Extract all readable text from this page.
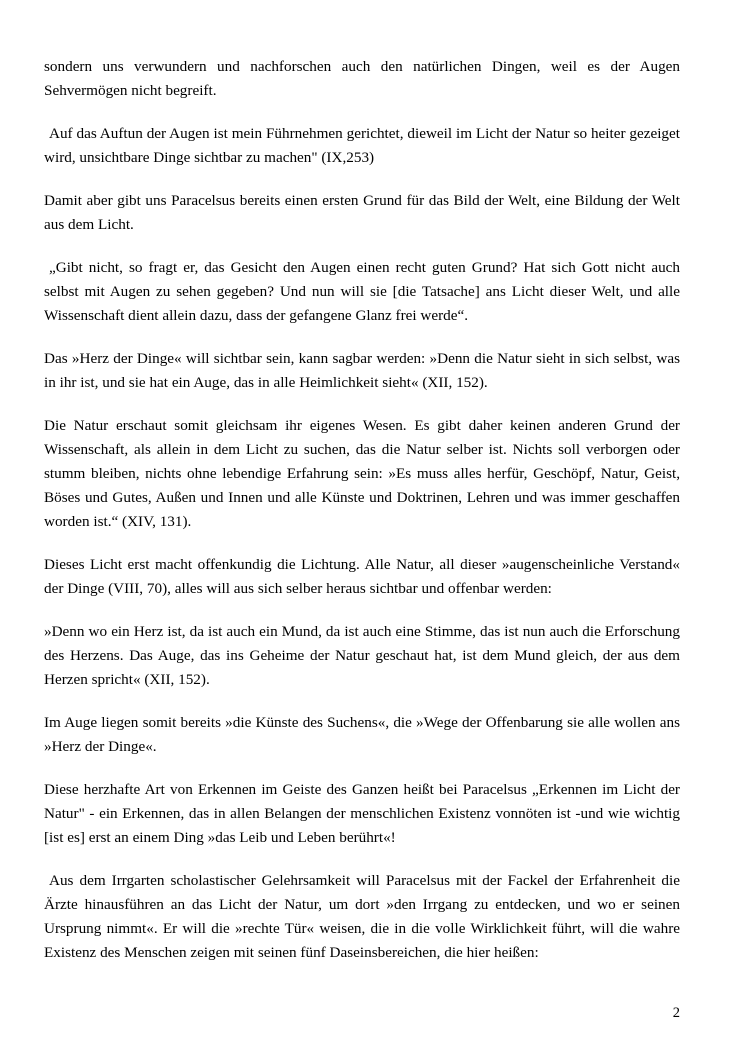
sondern uns verwundern und nachforschen auch den natürlichen Dingen, weil es der Augen Sehvermögen nicht begreift.

Auf das Auftun der Augen ist mein Führnehmen gerichtet, dieweil im Licht der Natur so heiter gezeiget wird, unsichtbare Dinge sichtbar zu machen" (IX,253)

Damit aber gibt uns Paracelsus bereits einen ersten Grund für das Bild der Welt, eine Bildung der Welt aus dem Licht.

„Gibt nicht, so fragt er, das Gesicht den Augen einen recht guten Grund? Hat sich Gott nicht auch selbst mit Augen zu sehen gegeben? Und nun will sie [die Tatsache] ans Licht dieser Welt, und alle Wissenschaft dient allein dazu, dass der gefangene Glanz frei werde“.

Das »Herz der Dinge« will sichtbar sein, kann sagbar werden: »Denn die Natur sieht in sich selbst, was in ihr ist, und sie hat ein Auge, das in alle Heimlichkeit sieht« (XII, 152).

Die Natur erschaut somit gleichsam ihr eigenes Wesen. Es gibt daher keinen anderen Grund der Wissenschaft, als allein in dem Licht zu suchen, das die Natur selber ist. Nichts soll verborgen oder stumm bleiben, nichts ohne lebendige Erfahrung sein: »Es muss alles herfür, Geschöpf, Natur, Geist, Böses und Gutes, Außen und Innen und alle Künste und Doktrinen, Lehren und was immer geschaffen worden ist.“ (XIV, 131).

Dieses Licht erst macht offenkundig die Lichtung. Alle Natur, all dieser »augenscheinliche Verstand« der Dinge (VIII, 70), alles will aus sich selber heraus sichtbar und offenbar werden:

»Denn wo ein Herz ist, da ist auch ein Mund, da ist auch eine Stimme, das ist nun auch die Erforschung des Herzens. Das Auge, das ins Geheime der Natur geschaut hat, ist dem Mund gleich, der aus dem Herzen spricht« (XII, 152).

Im Auge liegen somit bereits »die Künste des Suchens«, die »Wege der Offenbarung sie alle wollen ans »Herz der Dinge«.

Diese herzhafte Art von Erkennen im Geiste des Ganzen heißt bei Paracelsus „Erkennen im Licht der Natur" - ein Erkennen, das in allen Belangen der menschlichen Existenz vonnöten ist -und wie wichtig [ist es] erst an einem Ding »das Leib und Leben berührt«!

Aus dem Irrgarten scholastischer Gelehrsamkeit will Paracelsus mit der Fackel der Erfahrenheit die Ärzte hinausführen an das Licht der Natur, um dort »den Irrgang zu entdecken, und wo er seinen Ursprung nimmt«. Er will die »rechte Tür« weisen, die in die volle Wirklichkeit führt, will die wahre Existenz des Menschen zeigen mit seinen fünf Daseinsbereichen, die hier heißen:

2
